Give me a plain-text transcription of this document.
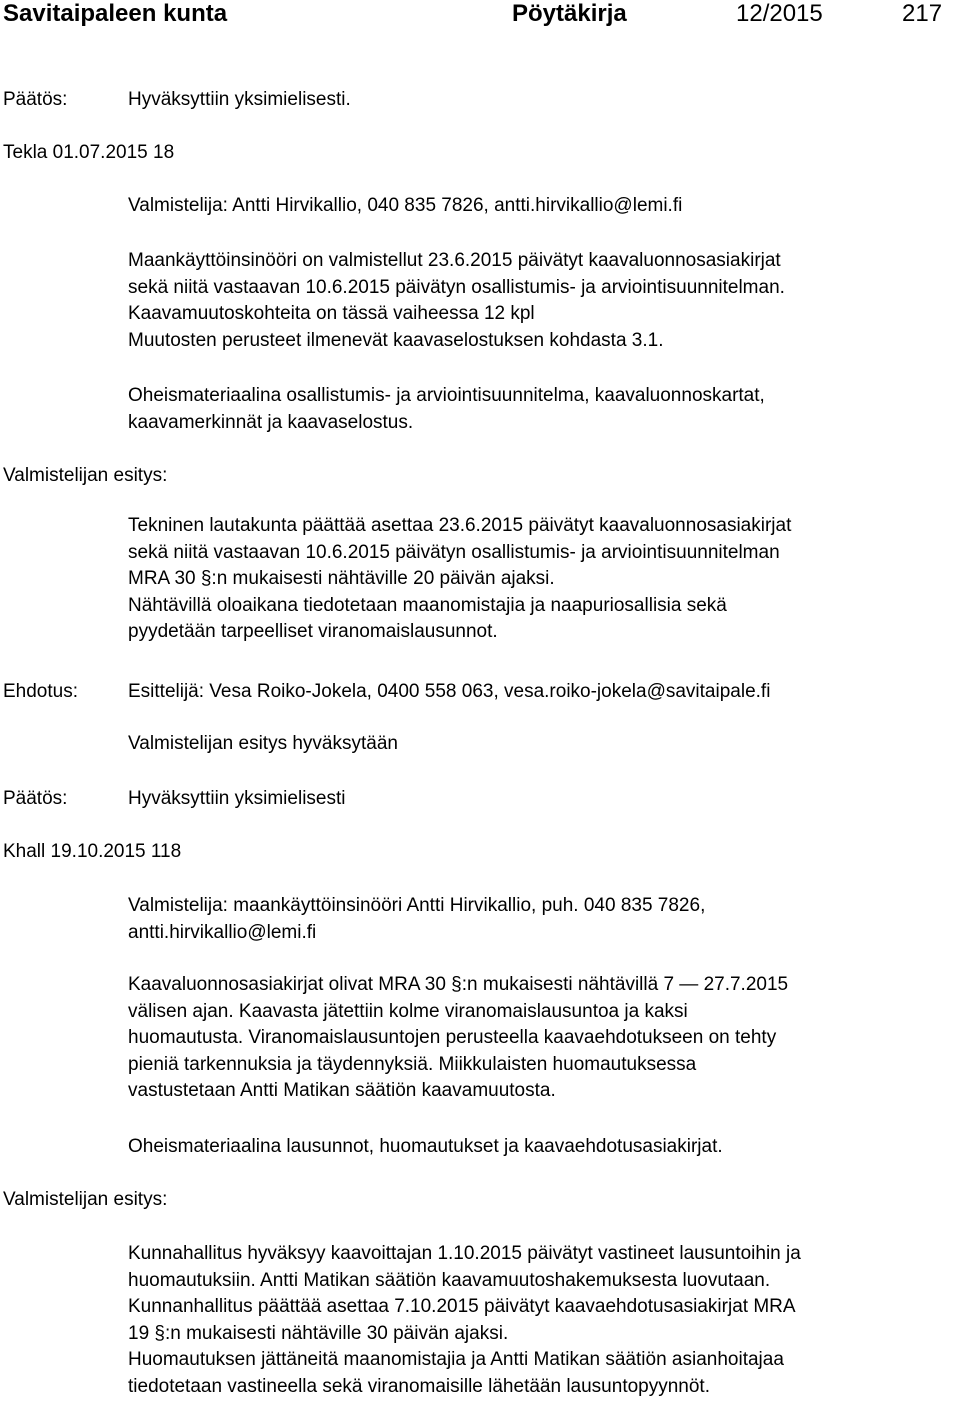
Savitaipaleen kunta	Pöytäkirja	12/2015	217
Päätös:	Hyväksyttiin yksimielisesti.

Tekla 01.07.2015 18

Valmistelija: Antti Hirvikallio, 040 835 7826, antti.hirvikallio@lemi.fi

Maankäyttöinsinööri on valmistellut 23.6.2015 päivätyt kaavaluonnosasiakirjat

sekä niitä vastaavan 10.6.2015 päivätyn osallistumis- ja arviointisuunnitelman.

Kaavamuutoskohteita on tässä vaiheessa 12 kpl

Muutosten perusteet ilmenevät kaavaselostuksen kohdasta 3.1.

Oheismateriaalina osallistumis- ja arviointisuunnitelma, kaavaluonnoskartat,

kaavamerkinnät ja kaavaselostus.

Valmistelijan esitys:

Tekninen lautakunta päättää asettaa 23.6.2015 päivätyt kaavaluonnosasiakirjat

sekä niitä vastaavan 10.6.2015 päivätyn osallistumis- ja arviointisuunnitelman

MRA 30 §:n mukaisesti nähtäville 20 päivän ajaksi.

Nähtävillä oloaikana tiedotetaan maanomistajia ja naapuriosallisia sekä

pyydetään tarpeelliset viranomaislausunnot.

Ehdotus:	Esittelijä: Vesa Roiko-Jokela, 0400 558 063, vesa.roiko-jokela@savitaipale.fi

Valmistelijan esitys hyväksytään

Päätös:	Hyväksyttiin yksimielisesti

Khall 19.10.2015 118

Valmistelija: maankäyttöinsinööri Antti Hirvikallio, puh. 040 835 7826,

antti.hirvikallio@lemi.fi

Kaavaluonnosasiakirjat olivat MRA 30 §:n mukaisesti nähtävillä 7 — 27.7.2015

välisen ajan. Kaavasta jätettiin kolme viranomaislausuntoa ja kaksi

huomautusta. Viranomaislausuntojen perusteella kaavaehdotukseen on tehty

pieniä tarkennuksia ja täydennyksiä. Miikkulaisten huomautuksessa

vastustetaan Antti Matikan säätiön kaavamuutosta.

Oheismateriaalina lausunnot, huomautukset ja kaavaehdotusasiakirjat.

Valmistelijan esitys:

Kunnahallitus hyväksyy kaavoittajan 1.10.2015 päivätyt vastineet lausuntoihin ja

huomautuksiin. Antti Matikan säätiön kaavamuutoshakemuksesta luovutaan.

Kunnanhallitus päättää asettaa 7.10.2015 päivätyt kaavaehdotusasiakirjat MRA

19 §:n mukaisesti nähtäville 30 päivän ajaksi.

Huomautuksen jättäneitä maanomistajia ja Antti Matikan säätiön asianhoitajaa

tiedotetaan vastineella sekä viranomaisille lähetään lausuntopyynnöt.
